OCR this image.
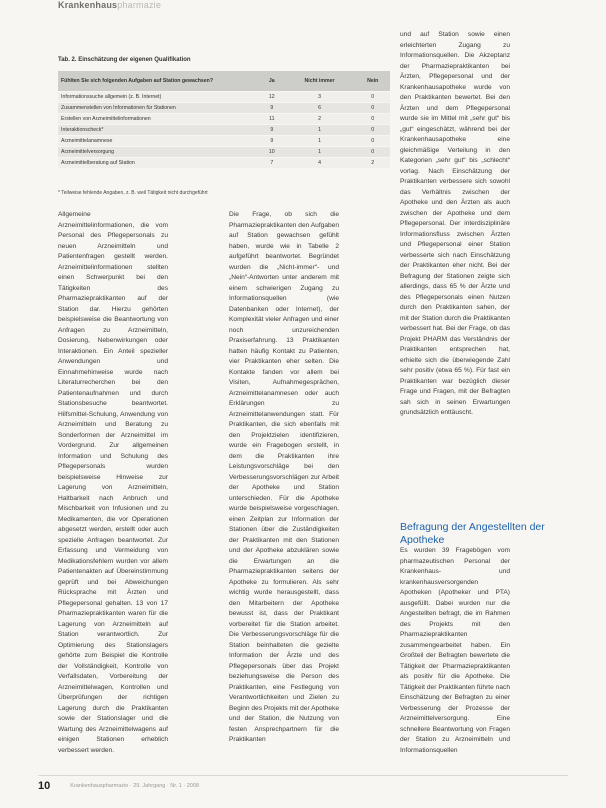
Krankenhauspharmazie
Tab. 2. Einschätzung der eigenen Qualifikation
Fühlten Sie sich folgenden Aufgaben auf Station gewachsen?	Ja	Nicht immer	Nein
Informationssuche allgemein (z. B. Internet)	12	3	0
Zusammenstellen von Informationen für Stationen	9	6	0
Erstellen von Arzneimittelinformationen	11	2	0
Interaktionscheck*	9	1	0
Arzneimittelanamnese	9	1	0
Arzneimittelversorgung	10	1	0
Arzneimittelberatung auf Station	7	4	2
* Teilweise fehlende Angaben, z. B. weil Tätigkeit nicht durchgeführt

Allgemeine Arzneimittelinformationen, die vom Personal des Pflegepersonals zu neuen Arzneimitteln und Patientenfragen gestellt werden. Arzneimittelinformationen stellten einen Schwerpunkt bei den Tätigkeiten des Pharmaziepraktikanten auf der Station dar. Hierzu gehörten beispielsweise die Beantwortung von Anfragen zu Arzneimitteln, Dosierung, Nebenwirkungen oder Interaktionen. Ein Anteil spezieller Anwendungen und Einnahmehinweise wurde nach Literaturrecherchen bei den Patientenaufnahmen und durch Stationsbesuche beantwortet. Hilfsmittel-Schulung, Anwendung von Arzneimitteln und Beratung zu Sonderformen der Arzneimittel im Vordergrund. Zur allgemeinen Information und Schulung des Pflegepersonals wurden beispielsweise Hinweise zur Lagerung von Arzneimitteln, Haltbarkeit nach Anbruch und Mischbarkeit von Infusionen und zu Medikamenten, die vor Operationen abgesetzt werden, erstellt oder auch spezielle Anfragen beantwortet. Zur Erfassung und Vermeidung von Medikationsfehlern wurden vor allem Patientenakten auf Übereinstimmung geprüft und bei Abweichungen Rücksprache mit Ärzten und Pflegepersonal gehalten. 13 von 17 Pharmaziepraktikanten waren für die Lagerung von Arzneimitteln auf Station verantwortlich. Zur Optimierung des Stationslagers gehörte zum Beispiel die Kontrolle der Vollständigkeit, Kontrolle von Verfallsdaten, Vorbereitung der Arzneimittelwagen, Kontrollen und Überprüfungen der richtigen Lagerung durch die Praktikanten sowie der Stationslager und die Wartung des Arzneimittelwagens auf einigen Stationen erheblich verbessert werden.

Die Frage, ob sich die Pharmaziepraktikanten den Aufgaben auf Station gewachsen gefühlt haben, wurde wie in Tabelle 2 aufgeführt beantwortet. Begründet wurden die „Nicht-immer“- und „Nein“-Antworten unter anderem mit einem schwierigen Zugang zu Informationsquellen (wie Datenbanken oder Internet), der Komplexität vieler Anfragen und einer noch unzureichenden Praxiserfahrung. 13 Praktikanten hatten häufig Kontakt zu Patienten, vier Praktikanten eher selten. Die Kontakte fanden vor allem bei Visiten, Aufnahmegesprächen, Arzneimittelanamnesen oder auch Erklärungen zu Arzneimittelanwendungen statt. Für Praktikanten, die sich ebenfalls mit den Projektzielen identifizieren, wurde ein Fragebogen erstellt, in dem die Praktikanten ihre Leistungsvorschläge bei den Verbesserungsvorschlägen zur Arbeit der Apotheke und Station unterschieden. Für die Apotheke wurde beispielsweise vorgeschlagen, einen Zeitplan zur Information der Stationen über die Zuständigkeiten der Praktikanten mit den Stationen und der Apotheke abzuklären sowie die Erwartungen an die Pharmaziepraktikanten seitens der Apotheke zu formulieren. Als sehr wichtig wurde herausgestellt, dass den Mitarbeitern der Apotheke bewusst ist, dass der Praktikant vorbereitet für die Station arbeitet. Die Verbesserungsvorschläge für die Station beinhalteten die gezielte Information der Ärzte und des Pflegepersonals über das Projekt beziehungsweise die Person des Praktikanten, eine Festlegung von Verantwortlichkeiten und Zielen zu Beginn des Projekts mit der Apotheke und der Station, die Nutzung von festen Ansprechpartnern für die Praktikanten

und auf Station sowie einen erleichterten Zugang zu Informationsquellen. Die Akzeptanz der Pharmaziepraktikanten bei Ärzten, Pflegepersonal und der Krankenhausapotheke wurde von den Praktikanten bewertet. Bei den Ärzten und dem Pflegepersonal wurde sie im Mittel mit „sehr gut“ bis „gut“ eingeschätzt, während bei der Krankenhausapotheke eine gleichmäßige Verteilung in den Kategorien „sehr gut“ bis „schlecht“ vorlag. Nach Einschätzung der Praktikanten verbessere sich sowohl das Verhältnis zwischen der Apotheke und den Ärzten als auch zwischen der Apotheke und dem Pflegepersonal. Der interdisziplinäre Informationsfluss zwischen Ärzten und Pflegepersonal einer Station verbesserte sich nach Einschätzung der Praktikanten eher nicht. Bei der Befragung der Stationen zeigte sich allerdings, dass 65 % der Ärzte und des Pflegepersonals einen Nutzen durch den Praktikanten sahen, der mit der Station durch die Praktikanten verbessert hat. Bei der Frage, ob das Projekt PHARM das Verständnis der Praktikanten entsprechen hat, erhielte sich die überwiegende Zahl sehr positiv (etwa 65 %). Für fast ein Praktikanten war bezüglich dieser Frage und Fragen, mit der Befragten sah sich in seinen Erwartungen grundsätzlich enttäuscht.

Befragung der Angestellten der Apotheke

Es wurden 39 Fragebögen vom pharmazeutischen Personal der Krankenhaus- und krankenhausversorgenden Apotheken (Apotheker und PTA) ausgefüllt. Dabei wurden nur die Angestellten befragt, die im Rahmen des Projekts mit den Pharmaziepraktikanten zusammengearbeitet haben. Ein Großteil der Befragten bewertete die Tätigkeit der Pharmaziepraktikanten als positiv für die Apotheke. Die Tätigkeit der Praktikanten führte nach Einschätzung der Befragten zu einer Verbesserung der Prozesse der Arzneimittelversorgung. Eine schnellere Beantwortung von Fragen der Station zu Arzneimitteln und Informationsquellen

10	Krankenhauspharmazie · 29. Jahrgang · Nr. 1 · 2008
